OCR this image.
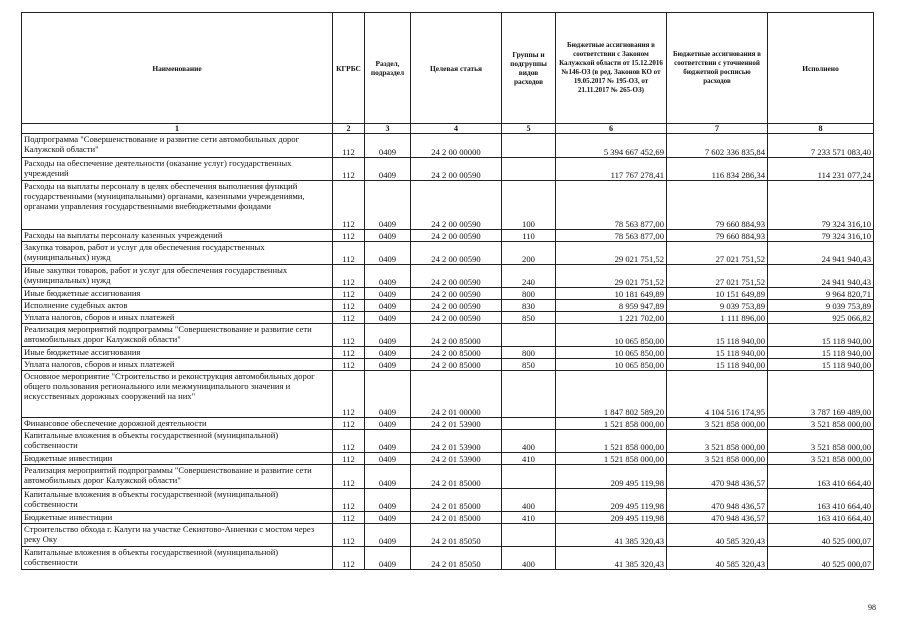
Наименование	КГРБС	Раздел, подраздел	Целевая статья	Группы и подгруппы видов расходов	Бюджетные ассигнования в соответствии с Законом Калужской области от 15.12.2016 №146-ОЗ (в ред. Законов КО от 19.05.2017 № 195-ОЗ, от 21.11.2017 № 265-ОЗ)	Бюджетные ассигнования в соответствии с уточненной бюджетной росписью расходов	Исполнено
1	2	3	4	5	6	7	8
Подпрограмма "Совершенствование и развитие сети автомобильных дорог Калужской области"	112	0409	24 2 00 00000		5 394 667 452,69	7 602 336 835,84	7 233 571 083,40
Расходы на обеспечение деятельности (оказание услуг) государственных учреждений	112	0409	24 2 00 00590		117 767 278,41	116 834 286,34	114 231 077,24
Расходы на выплаты персоналу в целях обеспечения выполнения функций государственными (муниципальными) органами, казенными учреждениями, органами управления государственными внебюджетными фондами	112	0409	24 2 00 00590	100	78 563 877,00	79 660 884,93	79 324 316,10
Расходы на выплаты персоналу казенных учреждений	112	0409	24 2 00 00590	110	78 563 877,00	79 660 884,93	79 324 316,10
Закупка товаров, работ и услуг для обеспечения государственных (муниципальных) нужд	112	0409	24 2 00 00590	200	29 021 751,52	27 021 751,52	24 941 940,43
Иные закупки товаров, работ и услуг для обеспечения государственных (муниципальных) нужд	112	0409	24 2 00 00590	240	29 021 751,52	27 021 751,52	24 941 940,43
Иные бюджетные ассигнования	112	0409	24 2 00 00590	800	10 181 649,89	10 151 649,89	9 964 820,71
Исполнение судебных актов	112	0409	24 2 00 00590	830	8 959 947,89	9 039 753,89	9 039 753,89
Уплата налогов, сборов и иных платежей	112	0409	24 2 00 00590	850	1 221 702,00	1 111 896,00	925 066,82
Реализация мероприятий подпрограммы "Совершенствование и развитие сети автомобильных дорог Калужской области"	112	0409	24 2 00 85000		10 065 850,00	15 118 940,00	15 118 940,00
Иные бюджетные ассигнования	112	0409	24 2 00 85000	800	10 065 850,00	15 118 940,00	15 118 940,00
Уплата налогов, сборов и иных платежей	112	0409	24 2 00 85000	850	10 065 850,00	15 118 940,00	15 118 940,00
Основное мероприятие "Строительство и реконструкция автомобильных дорог общего пользования регионального или межмуниципального значения и искусственных дорожных сооружений на них"	112	0409	24 2 01 00000		1 847 802 589,20	4 104 516 174,95	3 787 169 489,00
Финансовое обеспечение дорожной деятельности	112	0409	24 2 01 53900		1 521 858 000,00	3 521 858 000,00	3 521 858 000,00
Капитальные вложения в объекты государственной (муниципальной) собственности	112	0409	24 2 01 53900	400	1 521 858 000,00	3 521 858 000,00	3 521 858 000,00
Бюджетные инвестиции	112	0409	24 2 01 53900	410	1 521 858 000,00	3 521 858 000,00	3 521 858 000,00
Реализация мероприятий подпрограммы "Совершенствование и развитие сети автомобильных дорог Калужской области"	112	0409	24 2 01 85000		209 495 119,98	470 948 436,57	163 410 664,40
Капитальные вложения в объекты государственной (муниципальной) собственности	112	0409	24 2 01 85000	400	209 495 119,98	470 948 436,57	163 410 664,40
Бюджетные инвестиции	112	0409	24 2 01 85000	410	209 495 119,98	470 948 436,57	163 410 664,40
Строительство обхода г. Калуги на участке Секиотово-Анненки с мостом через реку Оку	112	0409	24 2 01 85050		41 385 320,43	40 585 320,43	40 525 000,07
Капитальные вложения в объекты государственной (муниципальной) собственности	112	0409	24 2 01 85050	400	41 385 320,43	40 585 320,43	40 525 000,07
98
